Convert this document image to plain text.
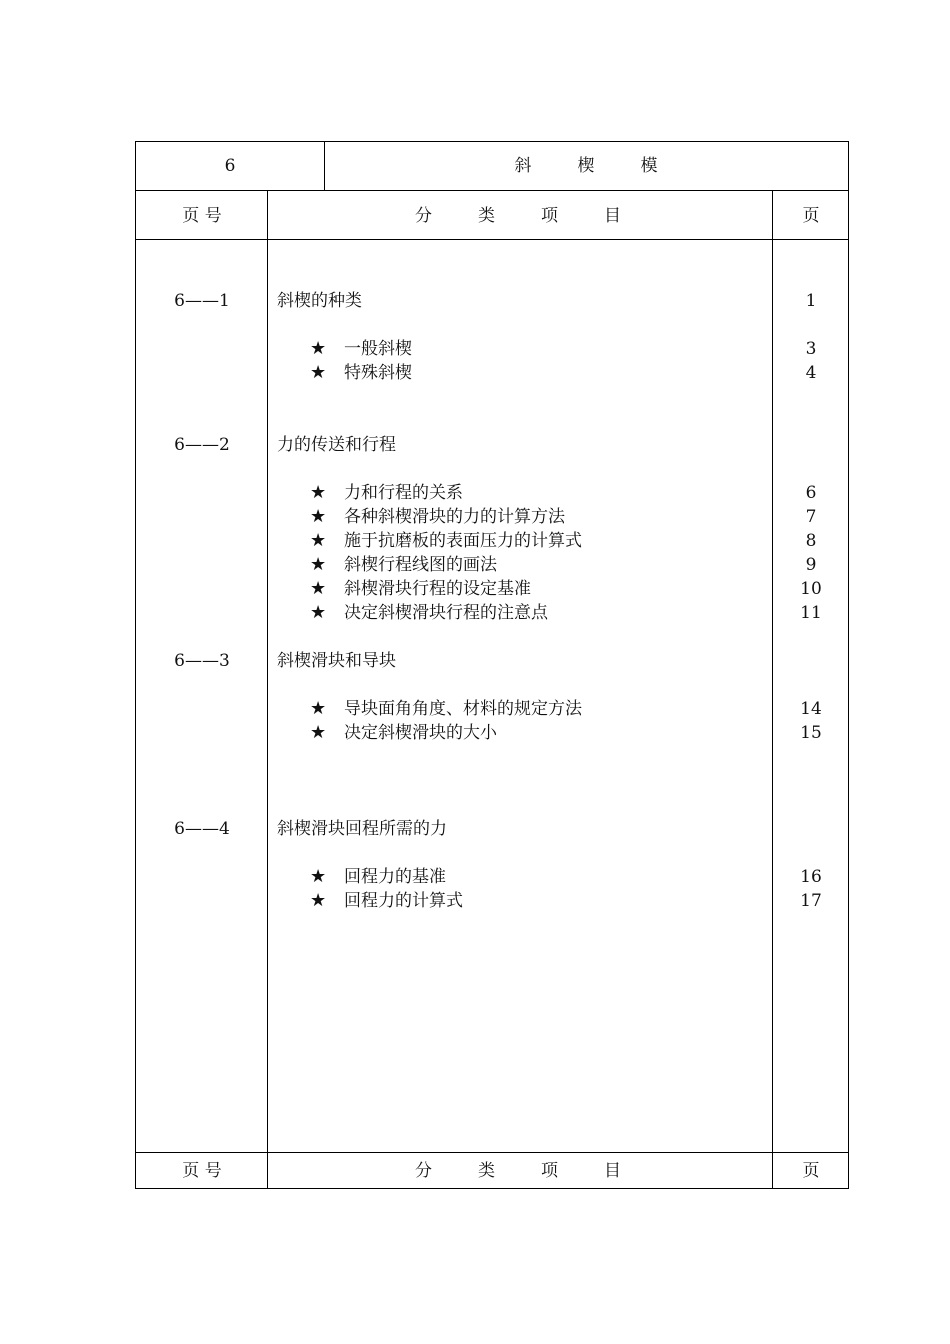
6	斜　　楔　　模
页 号	分　　类　　项　　目	页
6——1	斜楔的种类	1
★ 一般斜楔	3
★ 特殊斜楔	4
6——2	力的传送和行程
★ 力和行程的关系	6
★ 各种斜楔滑块的力的计算方法	7
★ 施于抗磨板的表面压力的计算式	8
★ 斜楔行程线图的画法	9
★ 斜楔滑块行程的设定基准	10
★ 决定斜楔滑块行程的注意点	11
6——3	斜楔滑块和导块
★ 导块面角角度、材料的规定方法	14
★ 决定斜楔滑块的大小	15
6——4	斜楔滑块回程所需的力
★ 回程力的基准	16
★ 回程力的计算式	17
页 号	分　　类　　项　　目	页
